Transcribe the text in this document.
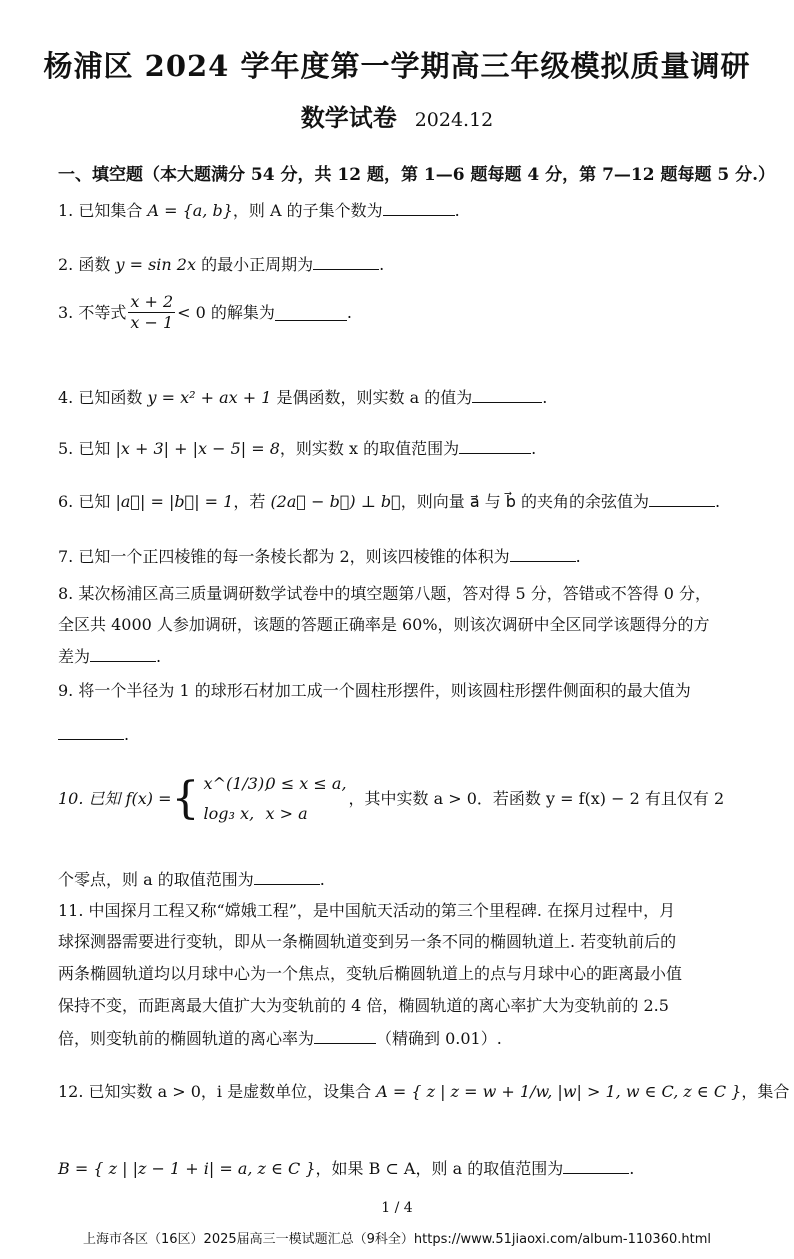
杨浦区 2024 学年度第一学期高三年级模拟质量调研
数学试卷 2024.12
一、填空题（本大题满分 54 分，共 12 题，第 1—6 题每题 4 分，第 7—12 题每题 5 分.）
1. 已知集合 A = {a, b}，则 A 的子集个数为	.
2. 函数 y = sin 2x 的最小正周期为	.
3. 不等式 $\frac{x + 2}{x - 1} < 0$ 的解集为	.
4. 已知函数 y = x² + ax + 1 是偶函数，则实数 a 的值为	.
5. 已知 |x + 3| + |x − 5| = 8，则实数 x 的取值范围为	.
6. 已知 |a⃗| = |b⃗| = 1，若 (2a⃗ − b⃗) ⊥ b⃗，则向量 a⃗ 与 b⃗ 的夹角的余弦值为	.
7. 已知一个正四棱锥的每一条棱长都为 2，则该四棱锥的体积为	.
8. 某次杨浦区高三质量调研数学试卷中的填空题第八题，答对得 5 分，答错或不答得 0 分，
全区共 4000 人参加调研，该题的答题正确率是 60%，则该次调研中全区同学该题得分的方
差为	.
9. 将一个半径为 1 的球形石材加工成一个圆柱形摆件，则该圆柱形摆件侧面积的最大值为
.
10. 已知 f(x) = { x^(1/3),0 ≤ x ≤ a,
log₃ x, x > a
，其中实数 a > 0．若函数 y = f(x) − 2 有且仅有 2
个零点，则 a 的取值范围为	.
11. 中国探月工程又称“嫦娥工程”，是中国航天活动的第三个里程碑. 在探月过程中，月
球探测器需要进行变轨，即从一条椭圆轨道变到另一条不同的椭圆轨道上. 若变轨前后的
两条椭圆轨道均以月球中心为一个焦点，变轨后椭圆轨道上的点与月球中心的距离最小值
保持不变，而距离最大值扩大为变轨前的 4 倍，椭圆轨道的离心率扩大为变轨前的 2.5
倍，则变轨前的椭圆轨道的离心率为	（精确到 0.01）.
12. 已知实数 a > 0，i 是虚数单位，设集合 A = { z | z = w + 1/w, |w| > 1, w ∈ C, z ∈ C }，集合
B = { z | |z − 1 + i| = a, z ∈ C }，如果 B ⊂ A，则 a 的取值范围为	.
1 / 4
上海市各区（16区）2025届高三一模试题汇总（9科全）https://www.51jiaoxi.com/album-110360.html
